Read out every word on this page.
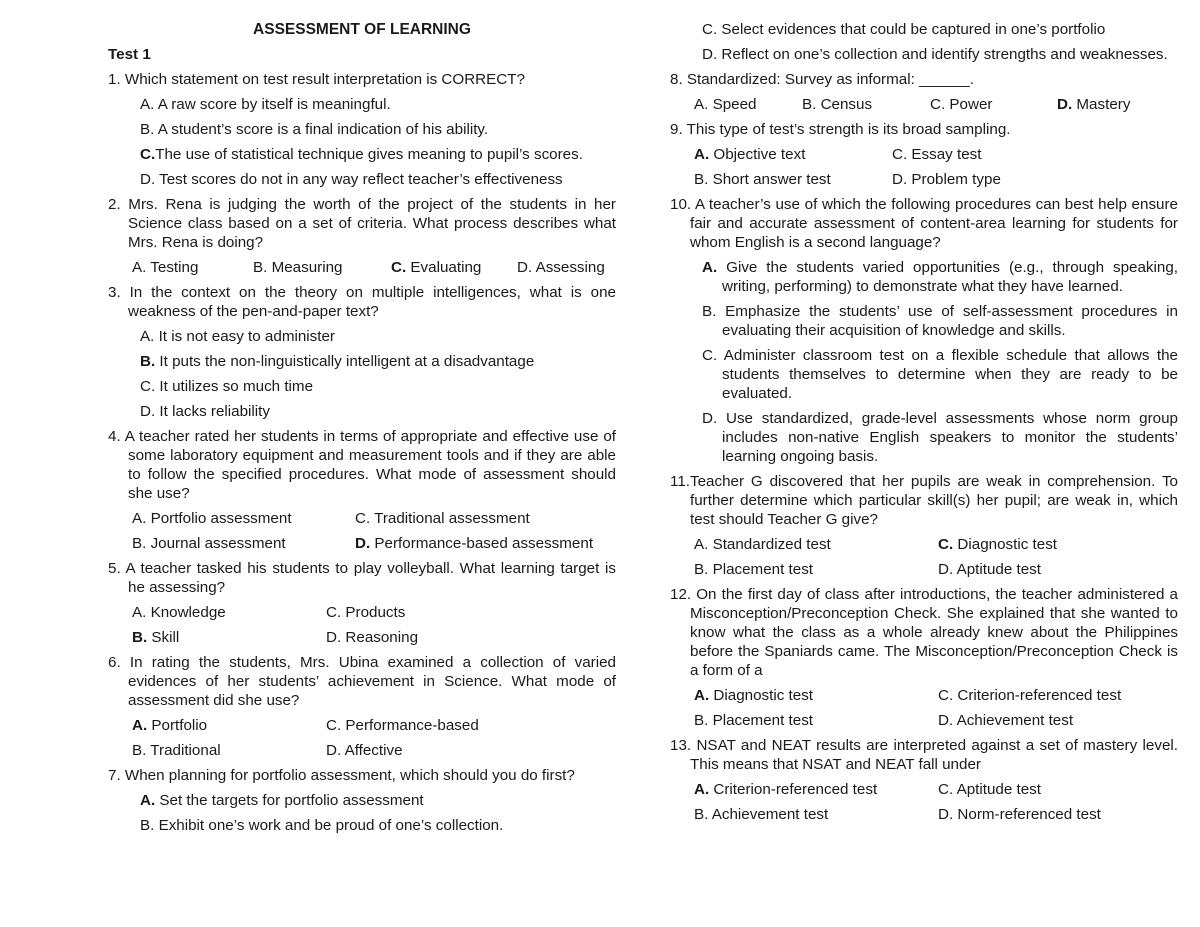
ASSESSMENT OF LEARNING
Test 1
1. Which statement on test result interpretation is CORRECT?
A. A raw score by itself is meaningful.
B. A student’s score is a final indication of his ability.
C.The use of statistical technique gives meaning to pupil’s scores.
D. Test scores do not in any way reflect teacher’s effectiveness
2. Mrs. Rena is judging the worth of the project of the students in her Science class based on a set of criteria. What process describes what Mrs. Rena is doing?
A. Testing	B. Measuring	C. Evaluating	D. Assessing
3. In the context on the theory on multiple intelligences, what is one weakness of the pen-and-paper text?
A. It is not easy to administer
B. It puts the non-linguistically intelligent at a disadvantage
C. It utilizes so much time
D. It lacks reliability
4. A teacher rated her students in terms of appropriate and effective use of some laboratory equipment and measurement tools and if they are able to follow the specified procedures. What mode of assessment should she use?
A. Portfolio assessment	C. Traditional assessment
B. Journal assessment	D. Performance-based assessment
5. A teacher tasked his students to play volleyball. What learning target is he assessing?
A. Knowledge	C. Products
B. Skill	D. Reasoning
6. In rating the students, Mrs. Ubina examined a collection of varied evidences of her students’ achievement in Science. What mode of assessment did she use?
A. Portfolio	C. Performance-based
B. Traditional	D. Affective
7. When planning for portfolio assessment, which should you do first?
A. Set the targets for portfolio assessment
B. Exhibit one’s work and be proud of one’s collection.
C. Select evidences that could be captured in one’s portfolio
D. Reflect on one’s collection and identify strengths and weaknesses.
8. Standardized: Survey as informal: ______.
A. Speed	B. Census	C. Power	D. Mastery
9. This type of test’s strength is its broad sampling.
A. Objective text	C. Essay test
B. Short answer test	D. Problem type
10. A teacher’s use of which the following procedures can best help ensure fair and accurate assessment of content-area learning for students for whom English is a second language?
A. Give the students varied opportunities (e.g., through speaking, writing, performing) to demonstrate what they have learned.
B. Emphasize the students’ use of self-assessment procedures in evaluating their acquisition of knowledge and skills.
C. Administer classroom test on a flexible schedule that allows the students themselves to determine when they are ready to be evaluated.
D. Use standardized, grade-level assessments whose norm group includes non-native English speakers to monitor the students’ learning ongoing basis.
11.Teacher G discovered that her pupils are weak in comprehension. To further determine which particular skill(s) her pupil; are weak in, which test should Teacher G give?
A. Standardized test	C. Diagnostic test
B. Placement test	D. Aptitude test
12. On the first day of class after introductions, the teacher administered a Misconception/Preconception Check. She explained that she wanted to know what the class as a whole already knew about the Philippines before the Spaniards came. The Misconception/Preconception Check is a form of a
A. Diagnostic test	C. Criterion-referenced test
B. Placement test	D. Achievement test
13. NSAT and NEAT results are interpreted against a set of mastery level. This means that NSAT and NEAT fall under
A. Criterion-referenced test	C. Aptitude test
B. Achievement test	D. Norm-referenced test
